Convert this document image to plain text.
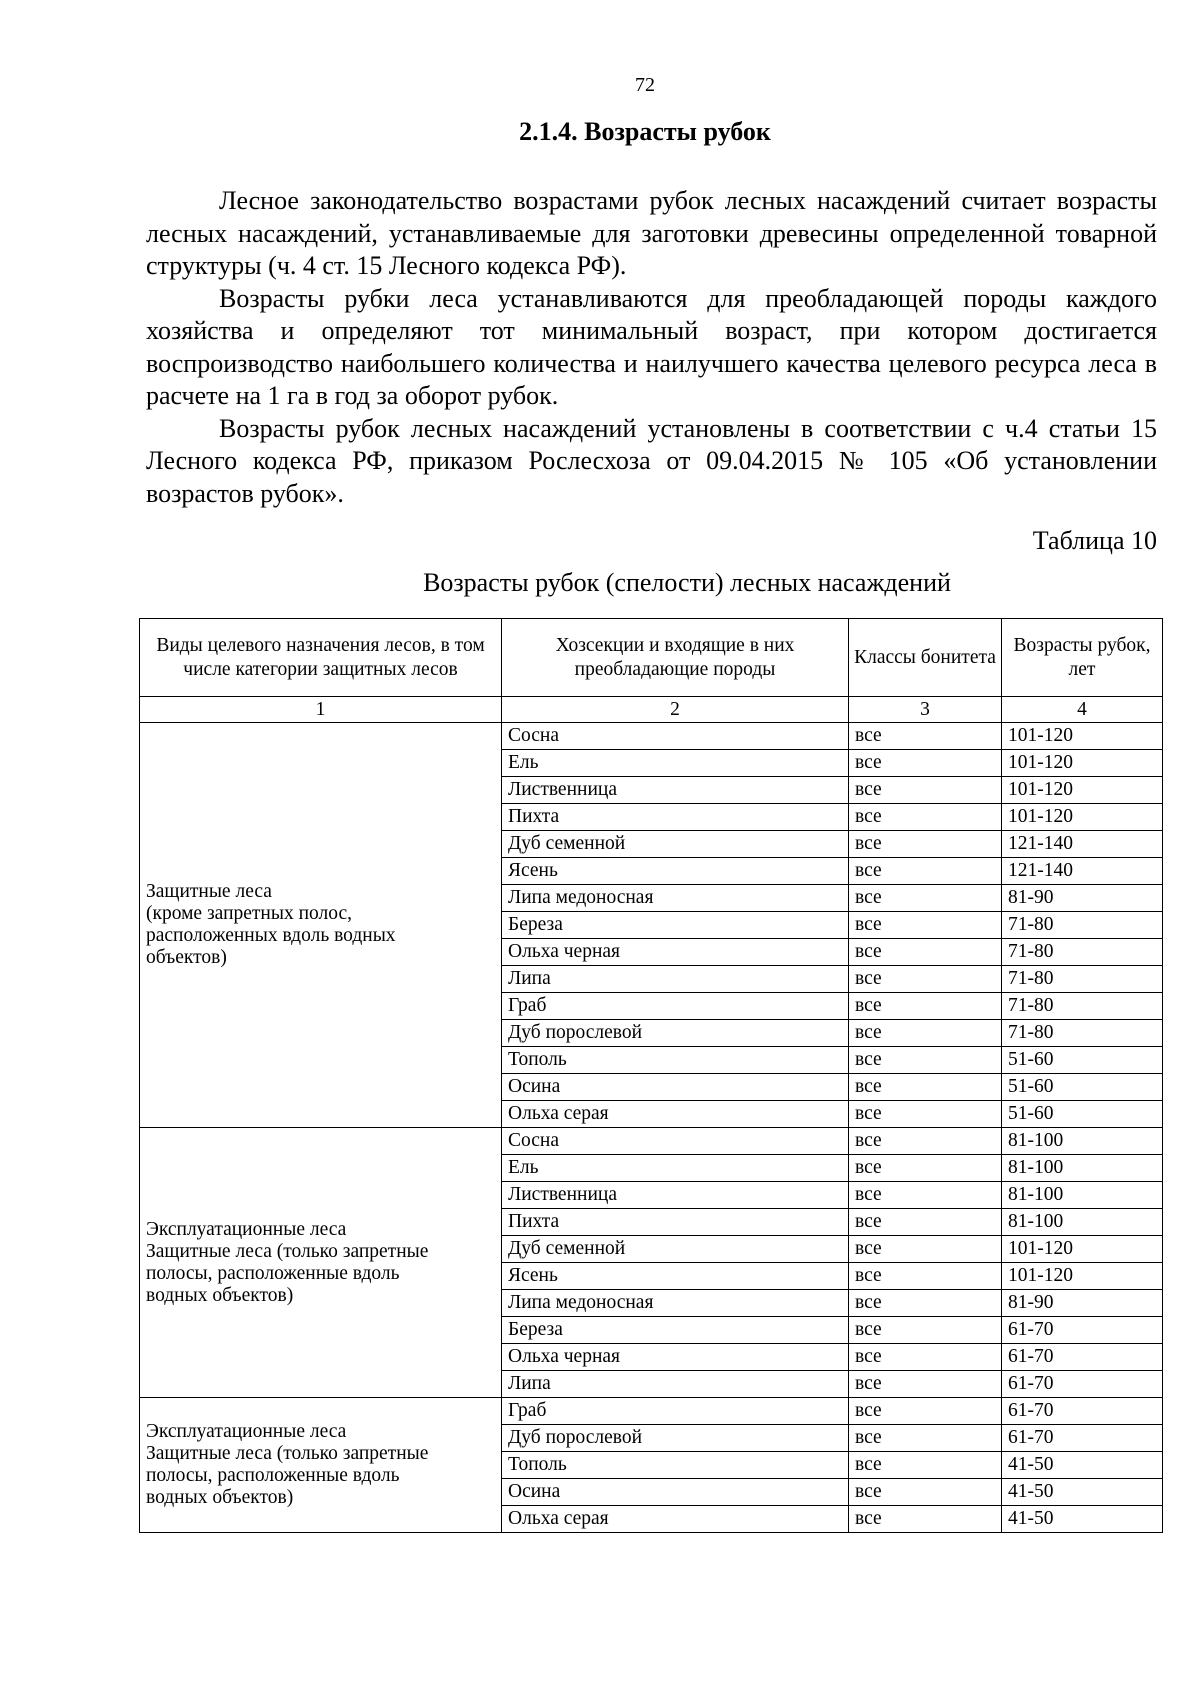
72
2.1.4. Возрасты рубок

Лесное законодательство возрастами рубок лесных насаждений считает возрасты лесных насаждений, устанавливаемые для заготовки древесины определенной товарной структуры (ч. 4 ст. 15 Лесного кодекса РФ).

Возрасты рубки леса устанавливаются для преобладающей породы каждого хозяйства и определяют тот минимальный возраст, при котором достигается воспроизводство наибольшего количества и наилучшего качества целевого ресурса леса в расчете на 1 га в год за оборот рубок.

Возрасты рубок лесных насаждений установлены в соответствии с ч.4 статьи 15 Лесного кодекса РФ, приказом Рослесхоза от 09.04.2015 № 105 «Об установлении возрастов рубок».

Таблица 10
Возрасты рубок (спелости) лесных насаждений
Виды целевого назначения лесов, в том числе категории защитных лесов	Хозсекции и входящие в них преобладающие породы	Классы бонитета	Возрасты рубок, лет
1	2	3	4

Защитные леса
(кроме запретных полос,
расположенных вдоль водных
объектов)	Сосна	все	101-120
	Ель	все	101-120
	Лиственница	все	101-120
	Пихта	все	101-120
	Дуб семенной	все	121-140
	Ясень	все	121-140
	Липа медоносная	все	81-90
	Береза	все	71-80
	Ольха черная	все	71-80
	Липа	все	71-80
	Граб	все	71-80
	Дуб порослевой	все	71-80
	Тополь	все	51-60
	Осина	все	51-60
	Ольха серая	все	51-60

Эксплуатационные леса
Защитные леса (только запретные
полосы, расположенные вдоль
водных объектов)	Сосна	все	81-100
	Ель	все	81-100
	Лиственница	все	81-100
	Пихта	все	81-100
	Дуб семенной	все	101-120
	Ясень	все	101-120
	Липа медоносная	все	81-90
	Береза	все	61-70
	Ольха черная	все	61-70
	Липа	все	61-70

Эксплуатационные леса
Защитные леса (только запретные
полосы, расположенные вдоль
водных объектов)	Граб	все	61-70
	Дуб порослевой	все	61-70
	Тополь	все	41-50
	Осина	все	41-50
	Ольха серая	все	41-50
